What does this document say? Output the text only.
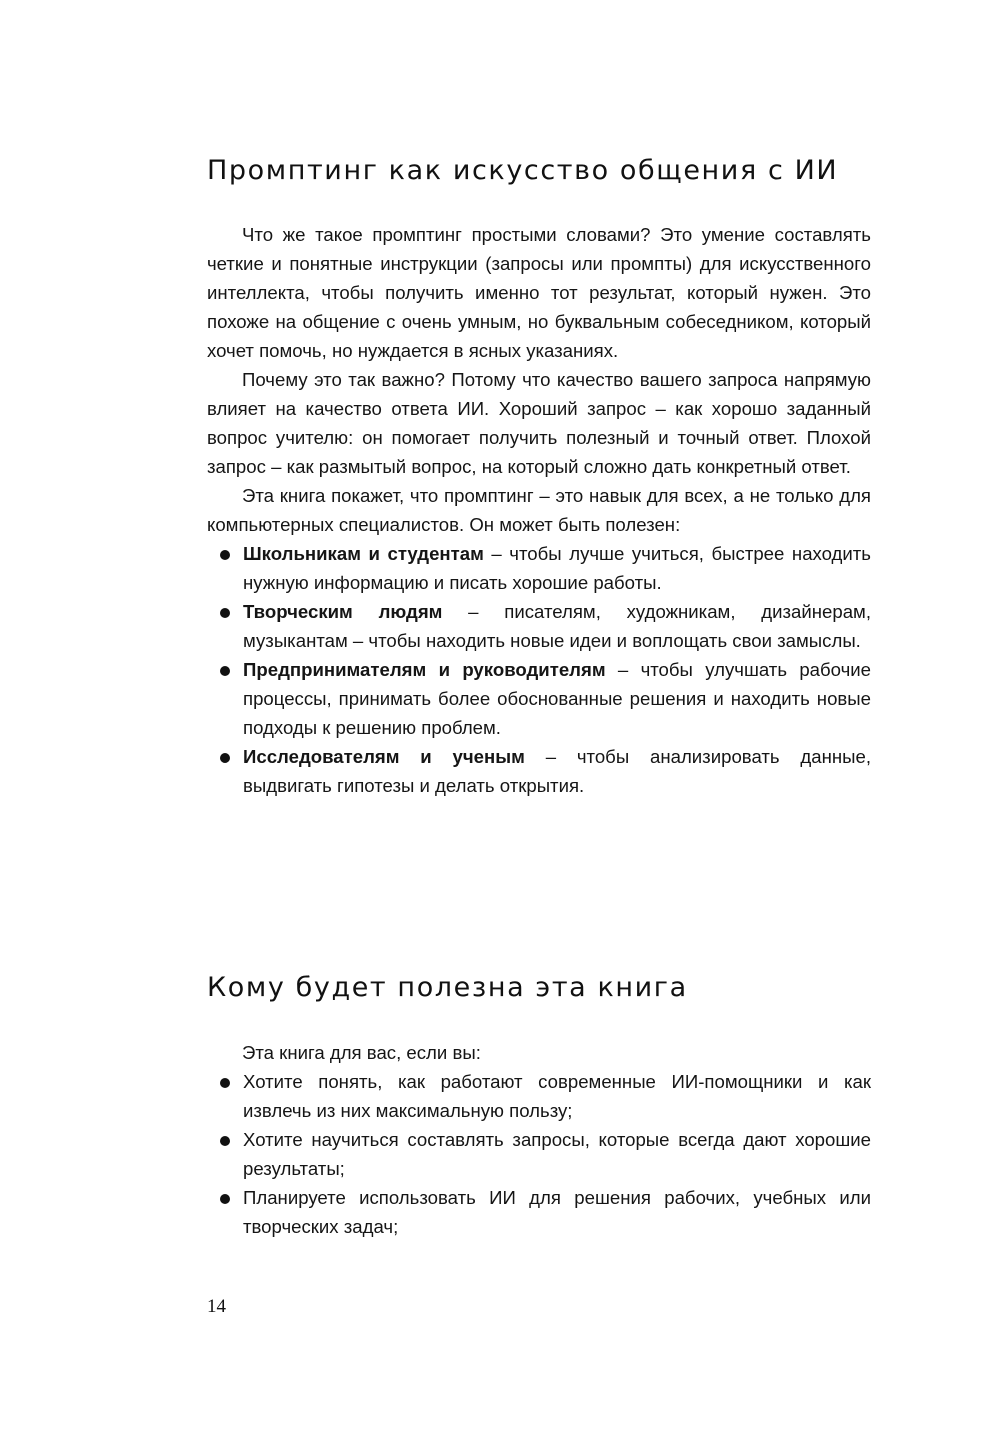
Промптинг как искусство общения с ИИ

Что же такое промптинг простыми словами? Это умение составлять четкие и понятные инструкции (запросы или промпты) для искусственного интеллекта, чтобы получить именно тот результат, который нужен. Это похоже на общение с очень умным, но буквальным собеседником, который хочет помочь, но нуждается в ясных указаниях.

Почему это так важно? Потому что качество вашего запроса напрямую влияет на качество ответа ИИ. Хороший запрос – как хорошо заданный вопрос учителю: он помогает получить полезный и точный ответ. Плохой запрос – как размытый вопрос, на который сложно дать конкретный ответ.

Эта книга покажет, что промптинг – это навык для всех, а не только для компьютерных специалистов. Он может быть полезен:

Школьникам и студентам – чтобы лучше учиться, быстрее находить нужную информацию и писать хорошие работы.
Творческим людям – писателям, художникам, дизайнерам, музыкантам – чтобы находить новые идеи и воплощать свои замыслы.
Предпринимателям и руководителям – чтобы улучшать рабочие процессы, принимать более обоснованные решения и находить новые подходы к решению проблем.
Исследователям и ученым – чтобы анализировать данные, выдвигать гипотезы и делать открытия.
Кому будет полезна эта книга

Эта книга для вас, если вы:

Хотите понять, как работают современные ИИ-помощники и как извлечь из них максимальную пользу;
Хотите научиться составлять запросы, которые всегда дают хорошие результаты;
Планируете использовать ИИ для решения рабочих, учебных или творческих задач;
14
